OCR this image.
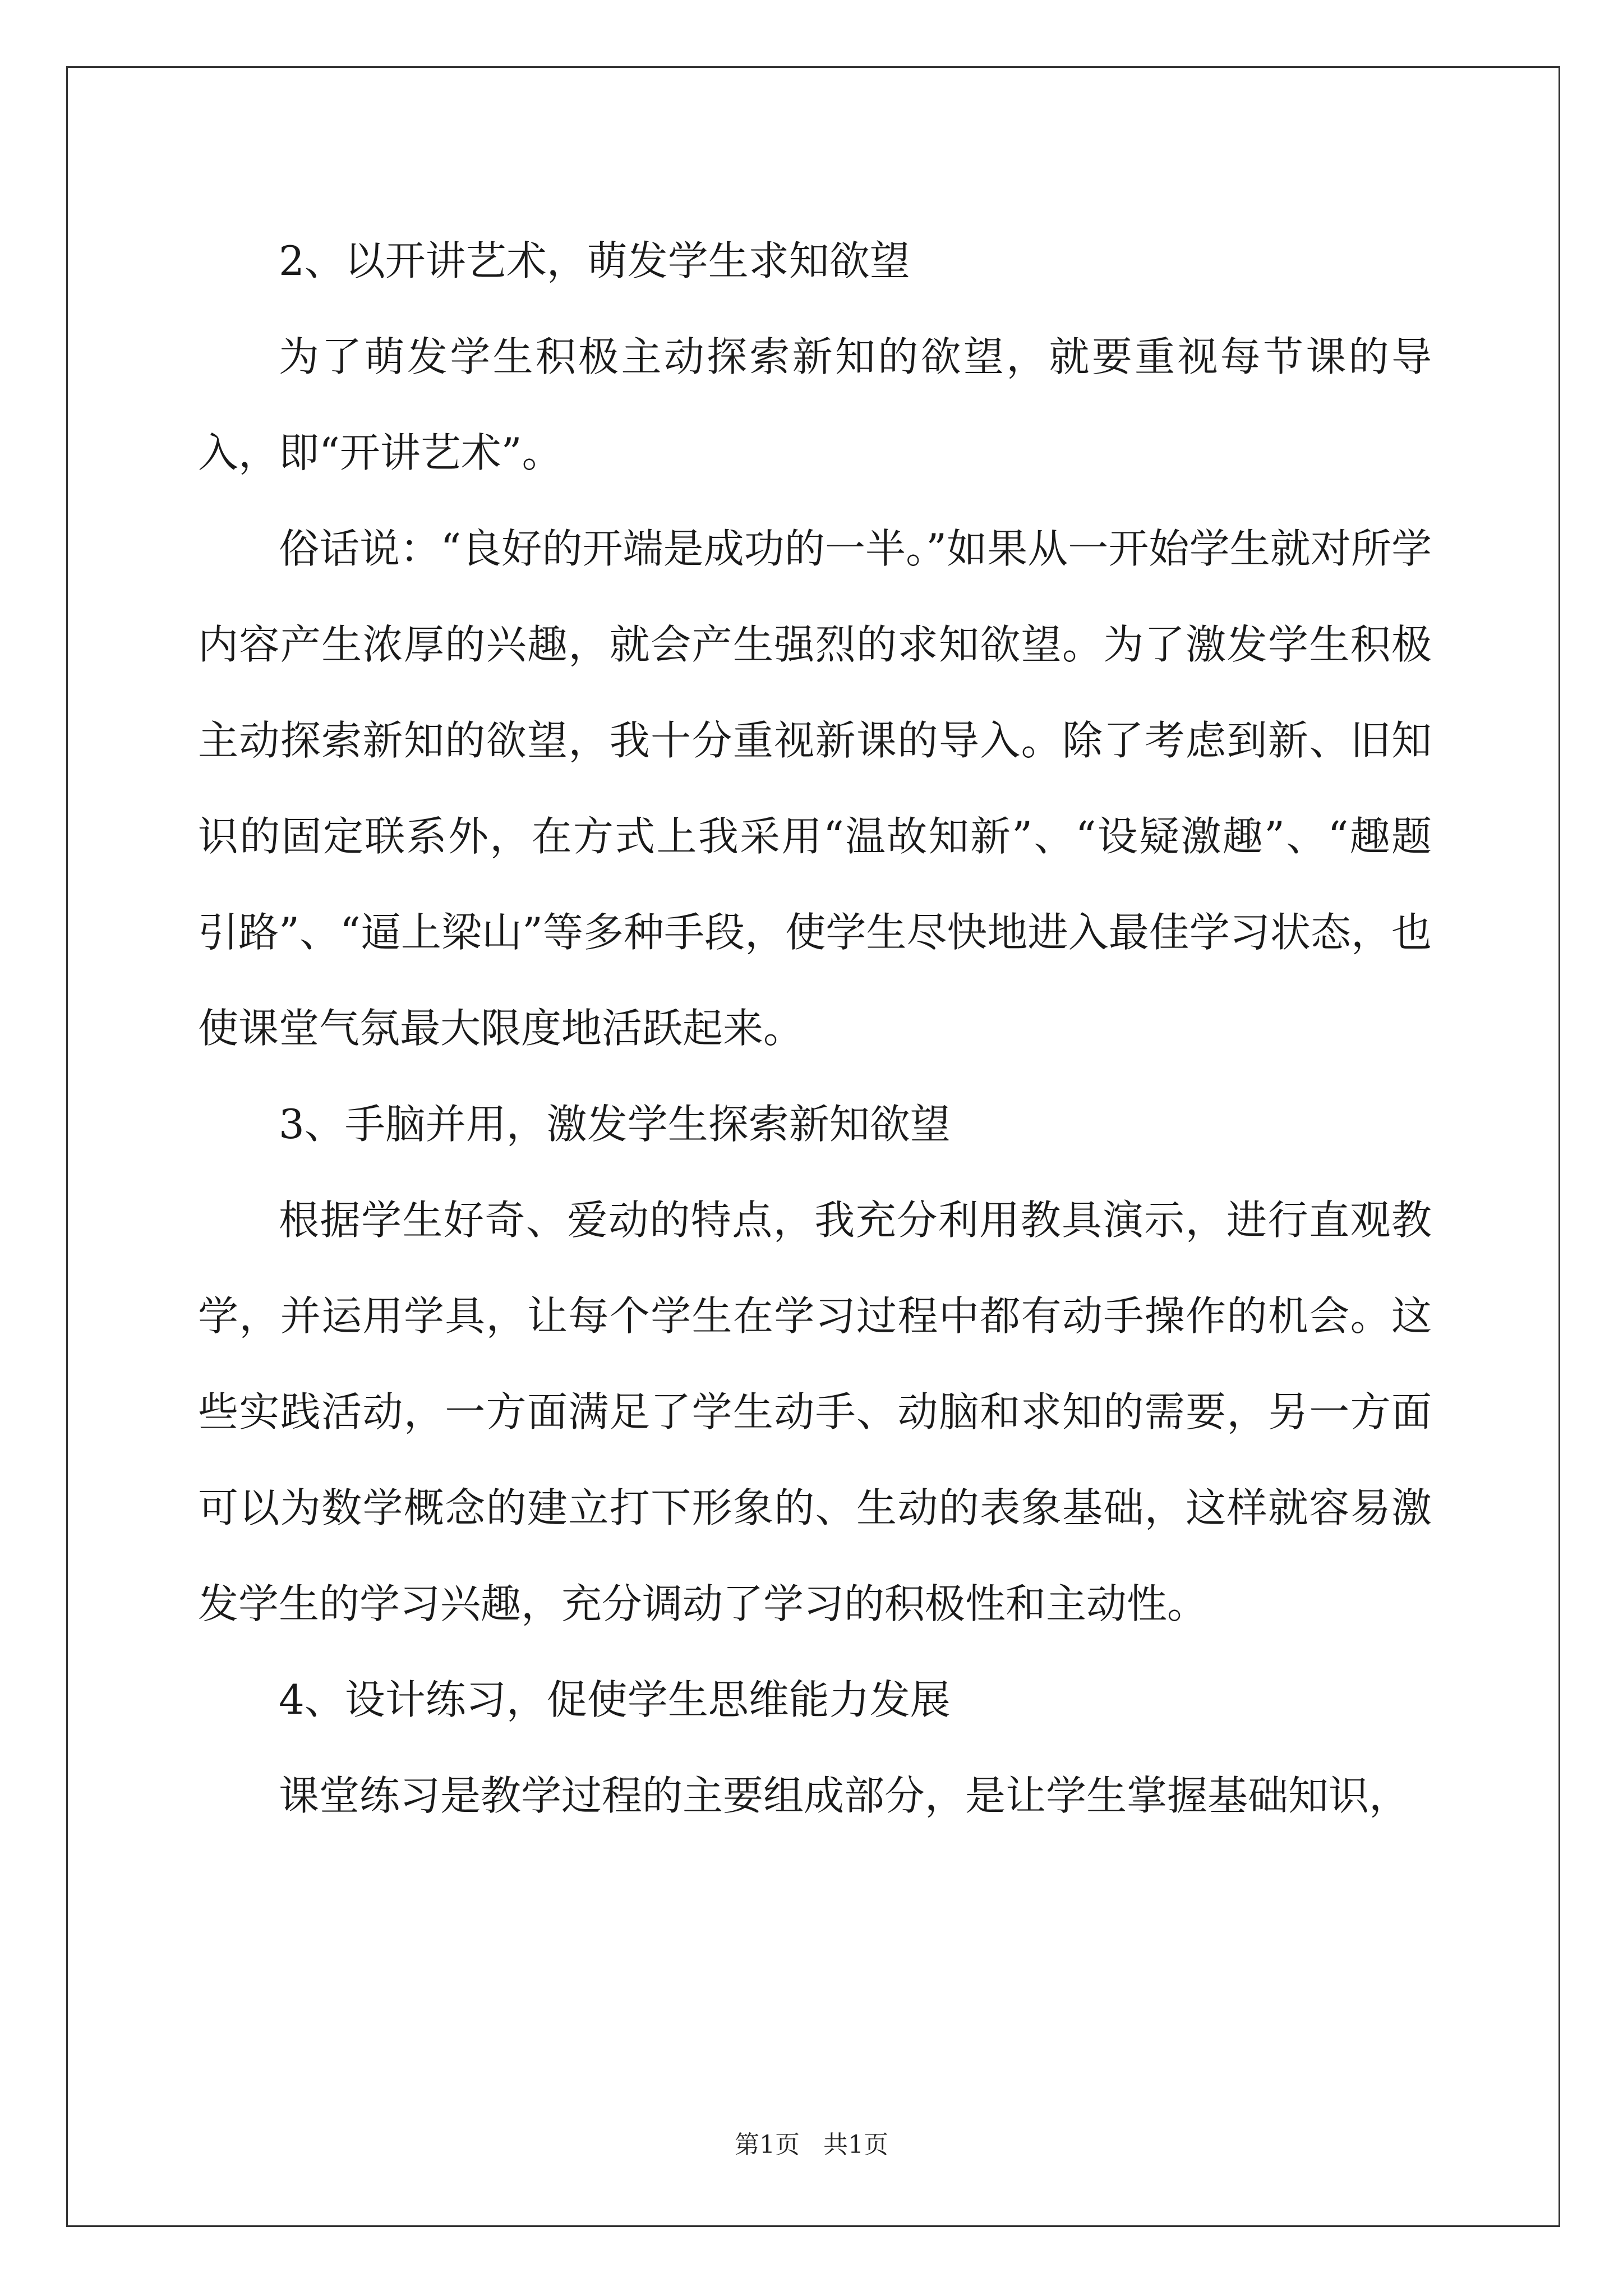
2、以开讲艺术，萌发学生求知欲望

为了萌发学生积极主动探索新知的欲望，就要重视每节课的导入，即“开讲艺术”。

俗话说：“良好的开端是成功的一半。”如果从一开始学生就对所学内容产生浓厚的兴趣，就会产生强烈的求知欲望。为了激发学生积极主动探索新知的欲望，我十分重视新课的导入。除了考虑到新、旧知识的固定联系外，在方式上我采用“温故知新”、“设疑激趣”、“趣题引路”、“逼上梁山”等多种手段，使学生尽快地进入最佳学习状态，也使课堂气氛最大限度地活跃起来。

3、手脑并用，激发学生探索新知欲望

根据学生好奇、爱动的特点，我充分利用教具演示，进行直观教学，并运用学具，让每个学生在学习过程中都有动手操作的机会。这些实践活动，一方面满足了学生动手、动脑和求知的需要，另一方面可以为数学概念的建立打下形象的、生动的表象基础，这样就容易激发学生的学习兴趣，充分调动了学习的积极性和主动性。

4、设计练习，促使学生思维能力发展

课堂练习是教学过程的主要组成部分，是让学生掌握基础知识，

第1页   共1页
